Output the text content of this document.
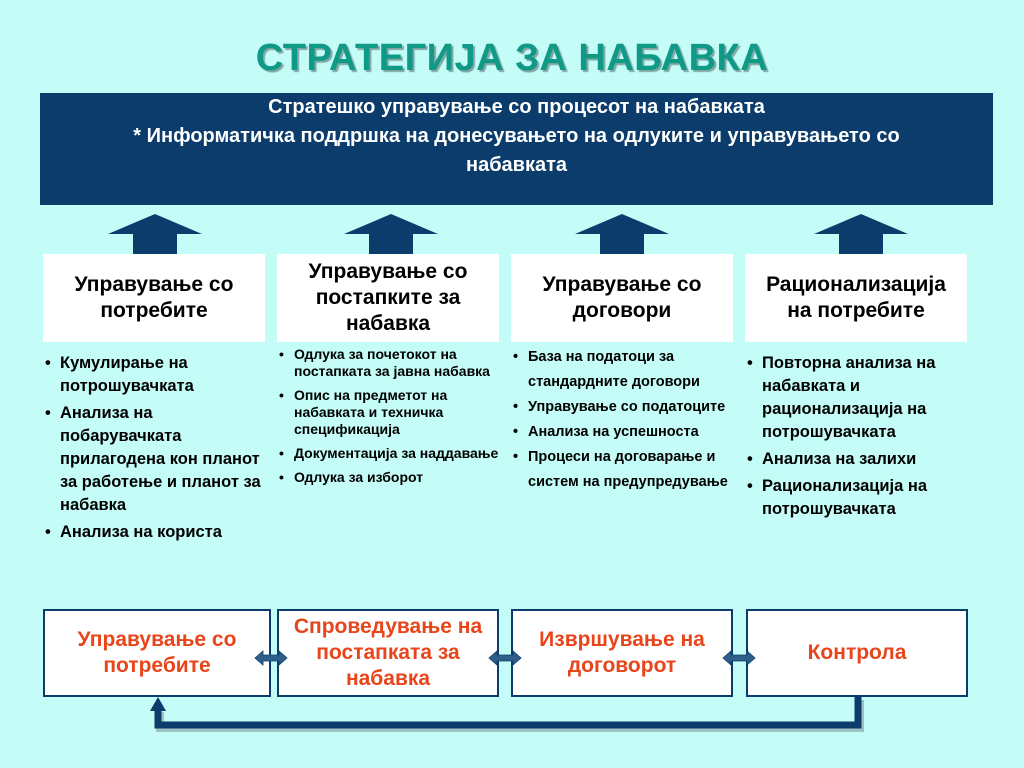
СТРАТЕГИЈА ЗА НАБАВКА
Стратешко управување со процесот на набавката
* Информатичка поддршка на донесувањето на одлуките и управувањето со
набавката
Управување со потребите
Управување со постапките за набавка
Управување со договори
Рационализација на потребите
• Кумулирање на потрошувачката
• Анализа на побарувачката прилагодена кон планот за работење и планот за набавка
• Анализа на користа
• Одлука за почетокот на постапката за јавна набавка
• Опис на предметот на набавката и техничка спецификација
• Документација за наддавање
• Одлука за изборот
• База на податоци за стандардните договори
• Управување со податоците
• Анализа на успешноста
• Процеси на договарање и систем на предупредување
• Повторна анализа на набавката и рационализација на потрошувачката
• Анализа на залихи
• Рационализација на потрошувачката
Управување со потребите
Спроведување на постапката за набавка
Извршување на договорот
Контрола
